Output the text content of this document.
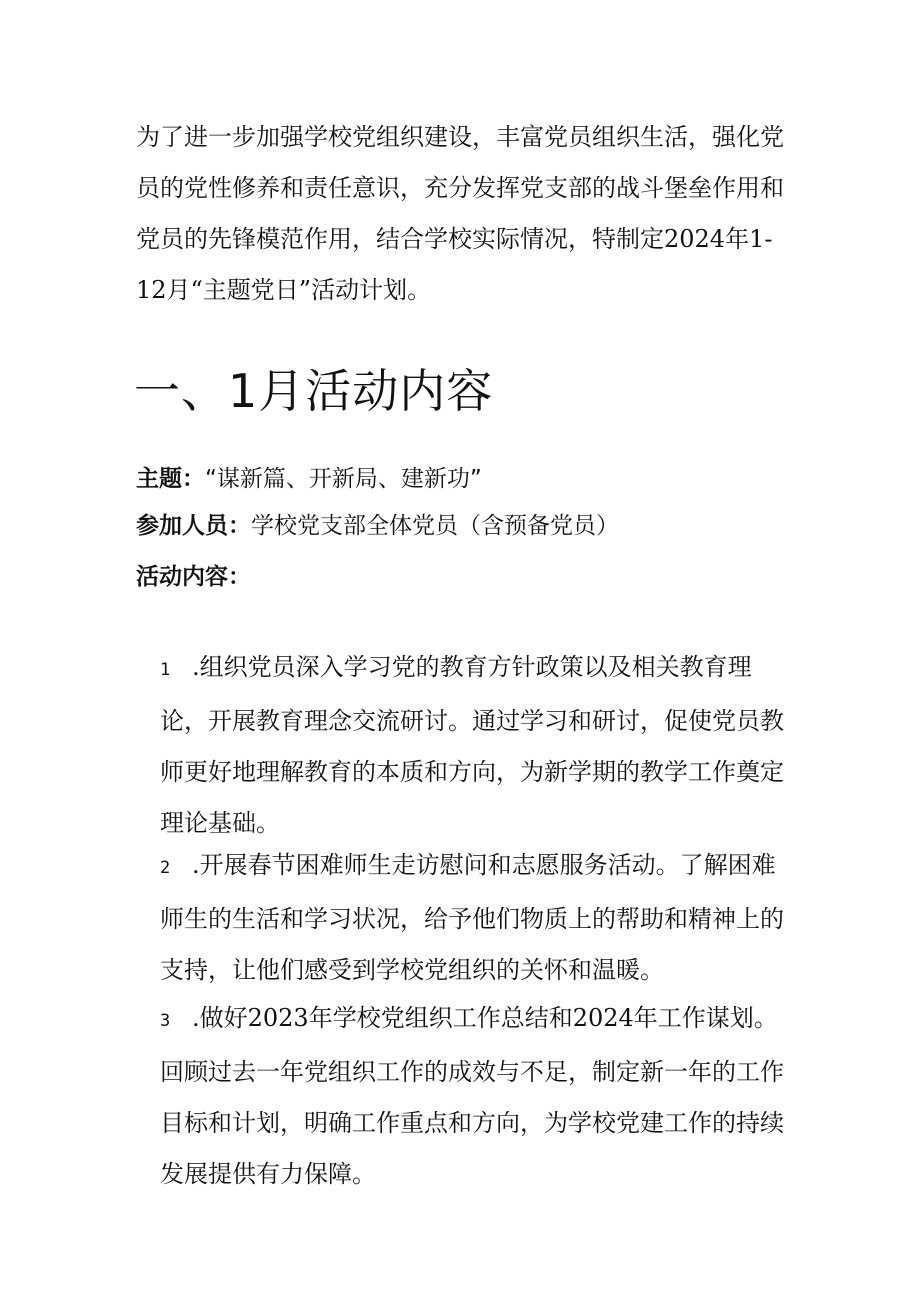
为了进一步加强学校党组织建设，丰富党员组织生活，强化党员的党性修养和责任意识，充分发挥党支部的战斗堡垒作用和党员的先锋模范作用，结合学校实际情况，特制定2024年1-12月“主题党日”活动计划。

一、1月活动内容

主题：“谋新篇、开新局、建新功”

参加人员：学校党支部全体党员（含预备党员）

活动内容：

1 .组织党员深入学习党的教育方针政策以及相关教育理论，开展教育理念交流研讨。通过学习和研讨，促使党员教师更好地理解教育的本质和方向，为新学期的教学工作奠定理论基础。

2 .开展春节困难师生走访慰问和志愿服务活动。了解困难师生的生活和学习状况，给予他们物质上的帮助和精神上的支持，让他们感受到学校党组织的关怀和温暖。

3 .做好2023年学校党组织工作总结和2024年工作谋划。回顾过去一年党组织工作的成效与不足，制定新一年的工作目标和计划，明确工作重点和方向，为学校党建工作的持续发展提供有力保障。
